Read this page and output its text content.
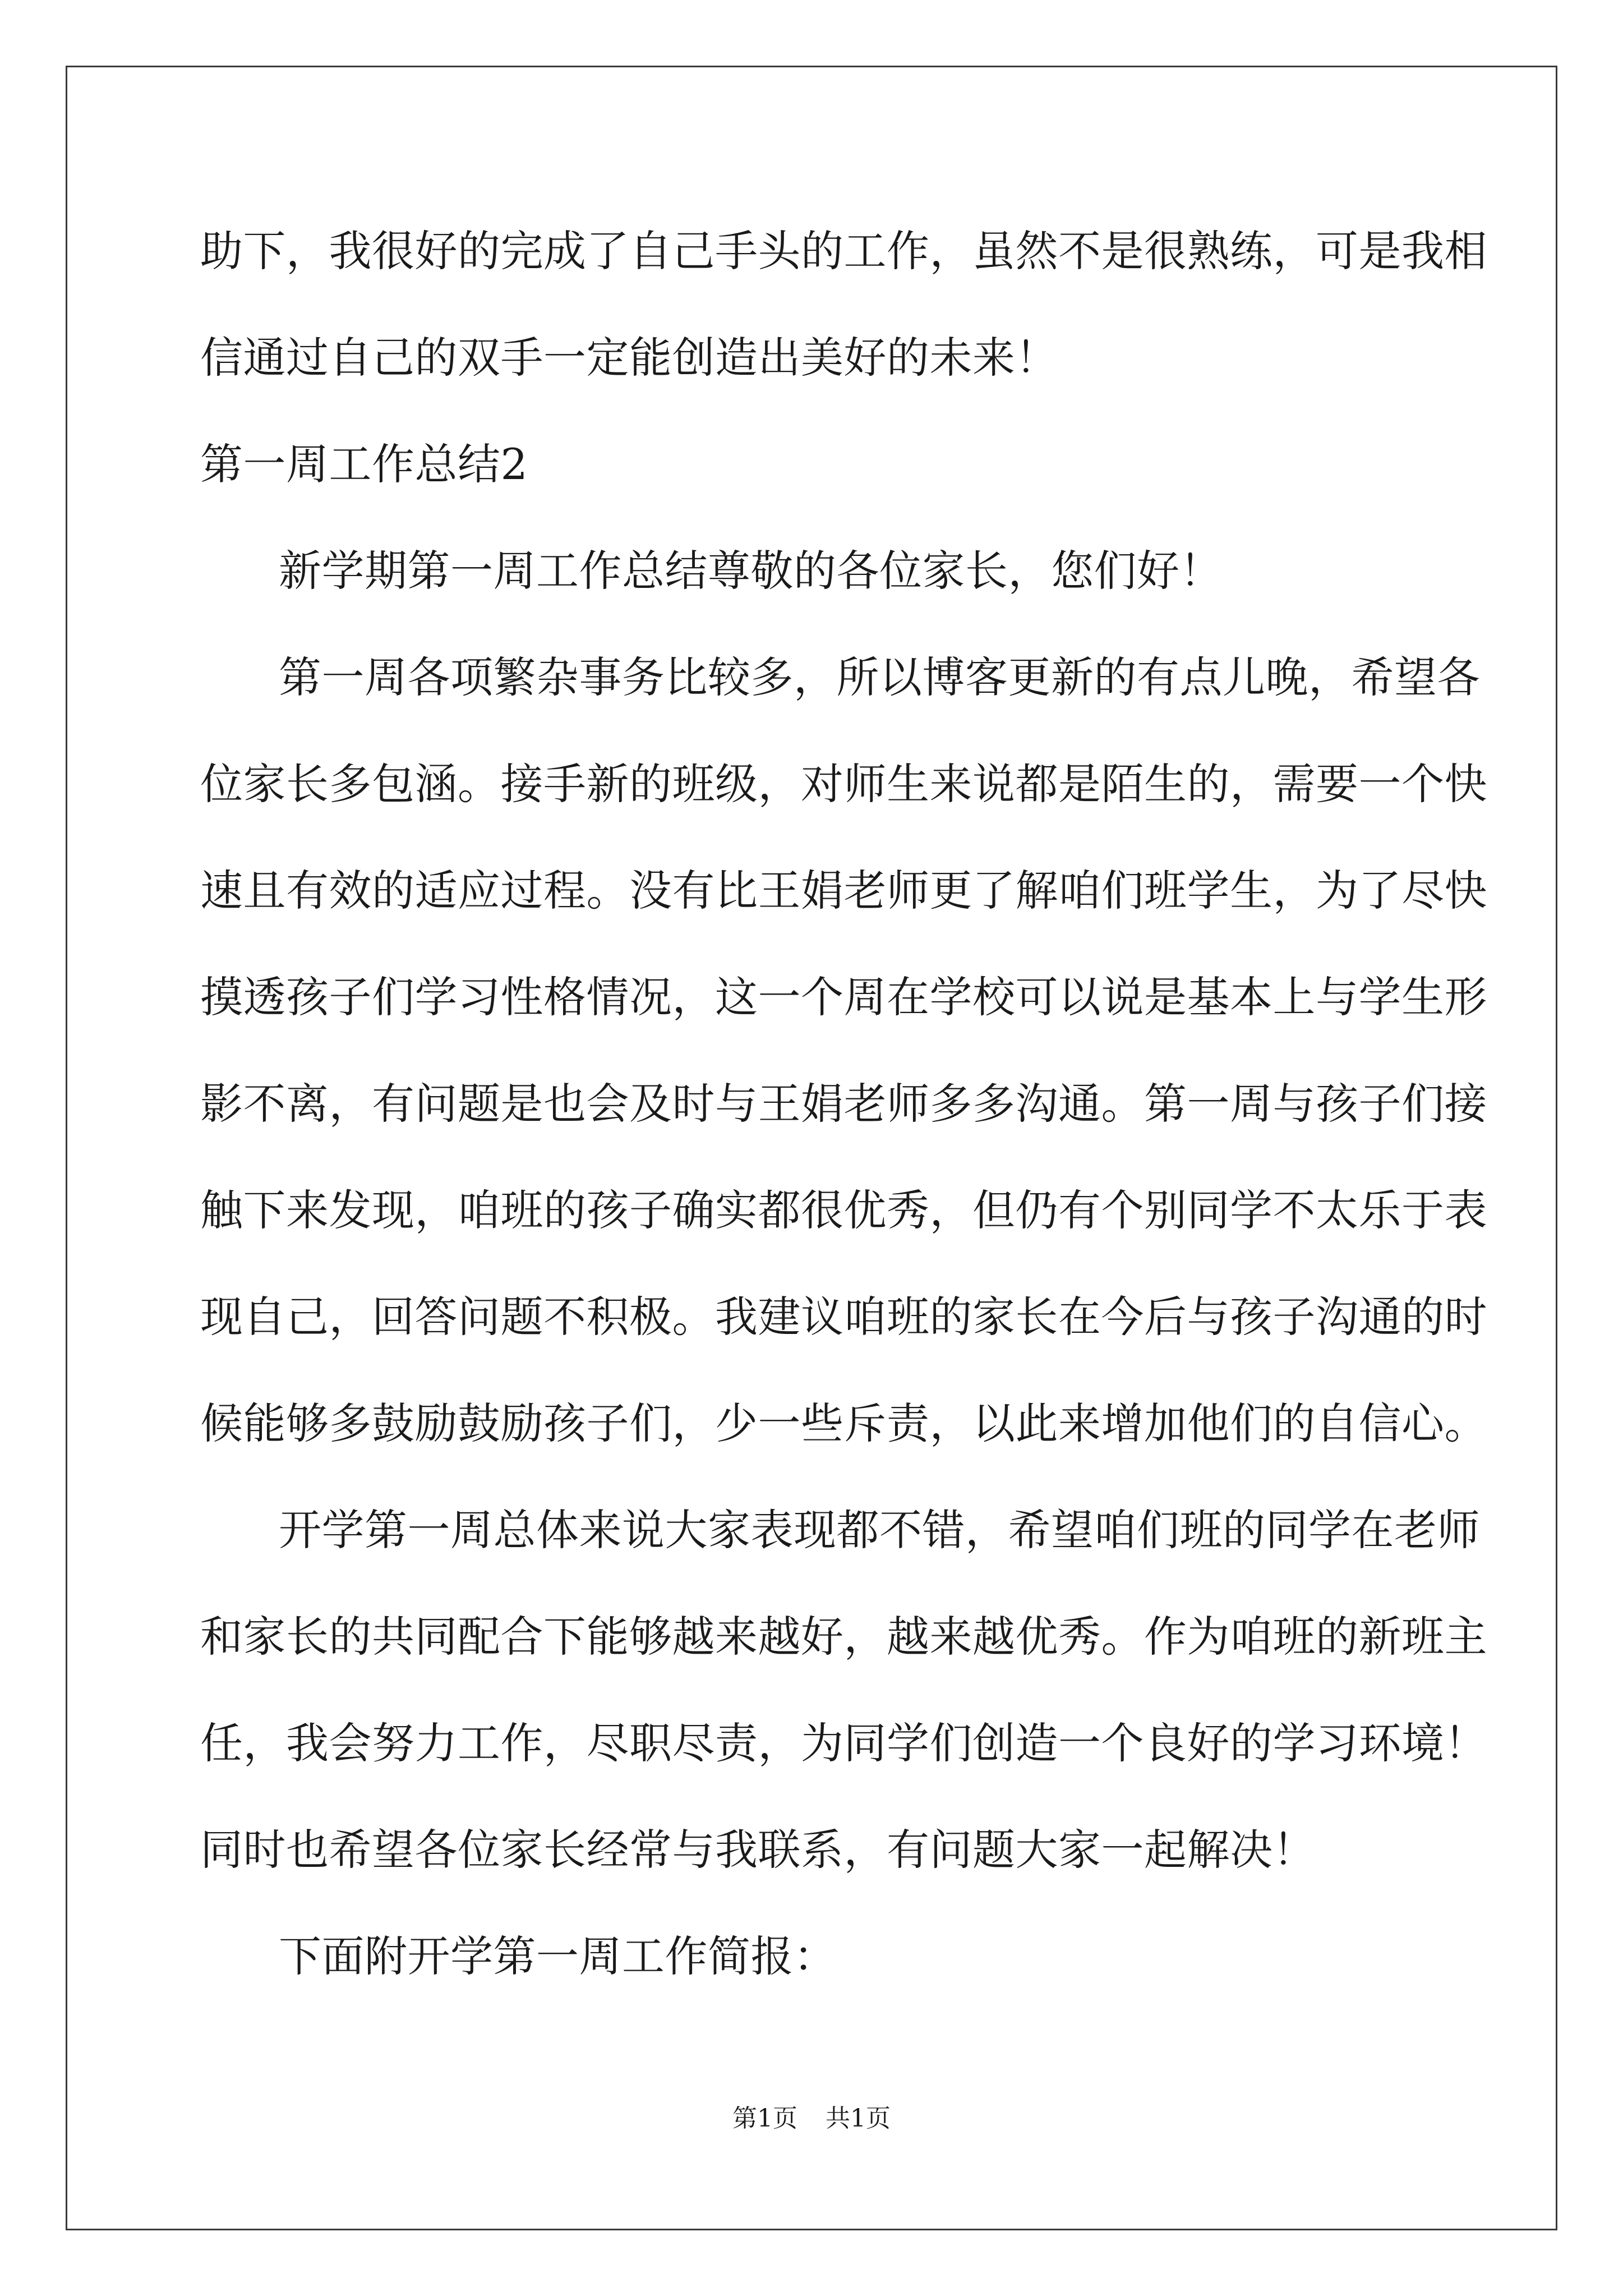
助下，我很好的完成了自己手头的工作，虽然不是很熟练，可是我相
信通过自己的双手一定能创造出美好的未来！
第一周工作总结2
新学期第一周工作总结尊敬的各位家长，您们好！
第一周各项繁杂事务比较多，所以博客更新的有点儿晚，希望各
位家长多包涵。接手新的班级，对师生来说都是陌生的，需要一个快
速且有效的适应过程。没有比王娟老师更了解咱们班学生，为了尽快
摸透孩子们学习性格情况，这一个周在学校可以说是基本上与学生形
影不离，有问题是也会及时与王娟老师多多沟通。第一周与孩子们接
触下来发现，咱班的孩子确实都很优秀，但仍有个别同学不太乐于表
现自己，回答问题不积极。我建议咱班的家长在今后与孩子沟通的时
候能够多鼓励鼓励孩子们，少一些斥责，以此来增加他们的自信心。
开学第一周总体来说大家表现都不错，希望咱们班的同学在老师
和家长的共同配合下能够越来越好，越来越优秀。作为咱班的新班主
任，我会努力工作，尽职尽责，为同学们创造一个良好的学习环境！
同时也希望各位家长经常与我联系，有问题大家一起解决！
下面附开学第一周工作简报：
第1页 共1页
